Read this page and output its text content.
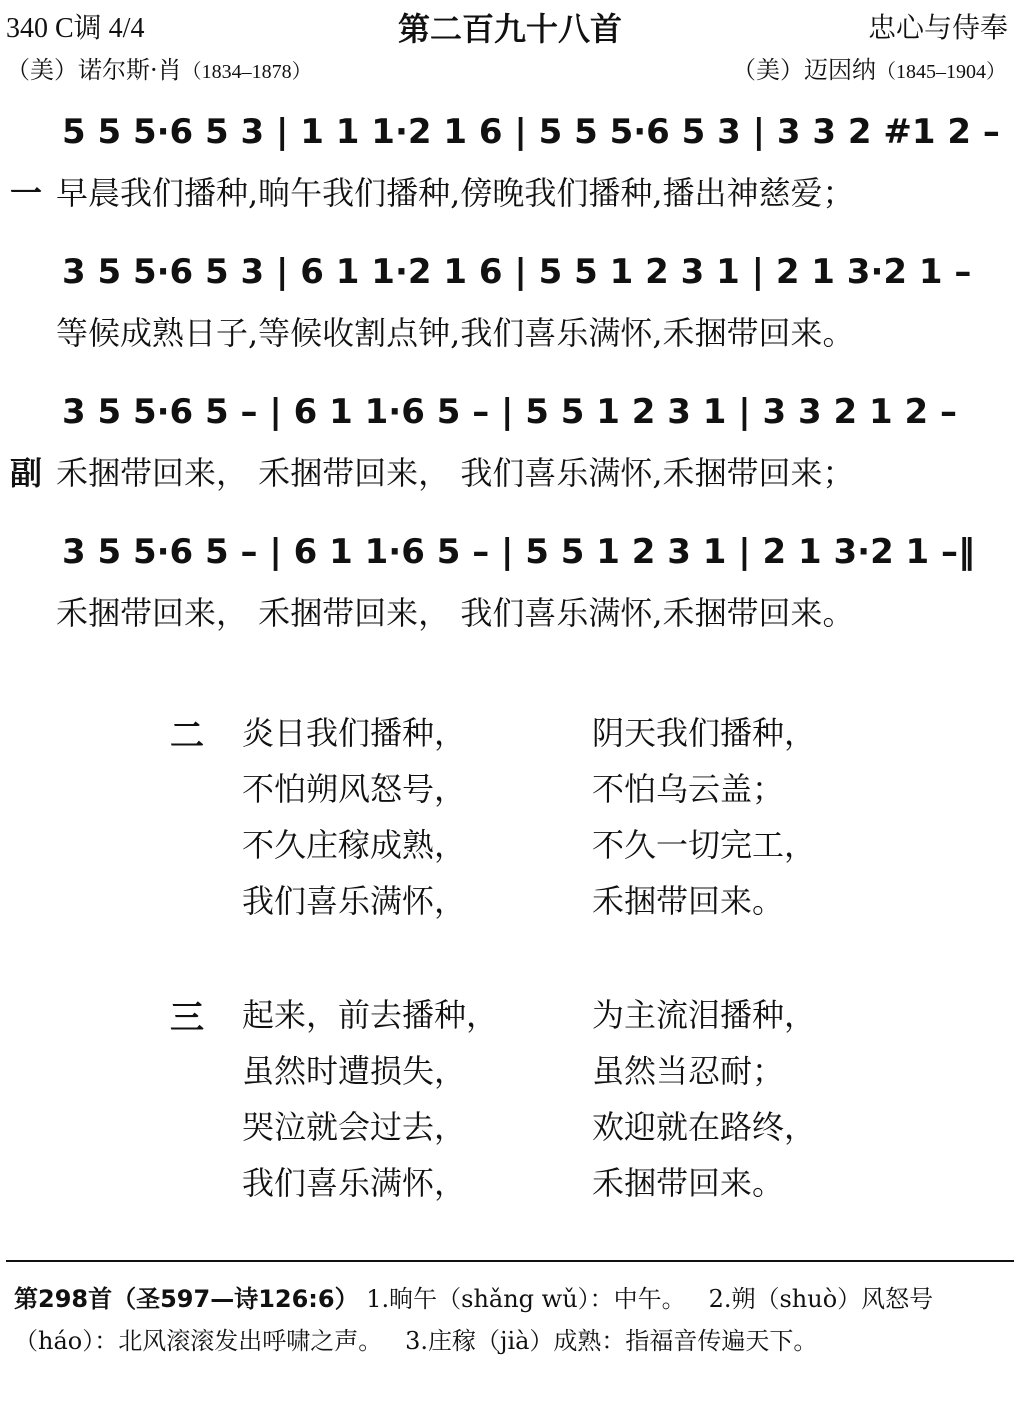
340 C调 4/4	第二百九十八首	忠心与侍奉
（美）诺尔斯·肖（1834–1878）	（美）迈因纳（1845–1904）
5 5 5·6 5 3 | 1 1 1·2 1 6 | 5 5 5·6 5 3 | 3 3 2 #1 2 –
一 早晨我们播种,晌午我们播种,傍晚我们播种,播出神慈爱；
3 5 5·6 5 3 | 6 1 1·2 1 6 | 5 5 1 2 3 1 | 2 1 3·2 1 –
等候成熟日子,等候收割点钟,我们喜乐满怀,禾捆带回来。
3 5 5·6 5 – | 6 1 1·6 5 – | 5 5 1 2 3 1 | 3 3 2 1 2 –
副 禾捆带回来， 禾捆带回来， 我们喜乐满怀,禾捆带回来；
3 5 5·6 5 – | 6 1 1·6 5 – | 5 5 1 2 3 1 | 2 1 3·2 1 –‖
禾捆带回来， 禾捆带回来， 我们喜乐满怀,禾捆带回来。
二 炎日我们播种，	阴天我们播种，
不怕朔风怒号，	不怕乌云盖；
不久庄稼成熟，	不久一切完工，
我们喜乐满怀，	禾捆带回来。
三 起来，前去播种，	为主流泪播种，
虽然时遭损失，	虽然当忍耐；
哭泣就会过去，	欢迎就在路终，
我们喜乐满怀，	禾捆带回来。
第298首（圣597—诗126:6） 1.晌午（shǎng wǔ）：中午。 2.朔（shuò）风怒号（háo）：北风滚滚发出呼啸之声。 3.庄稼（jià）成熟：指福音传遍天下。
